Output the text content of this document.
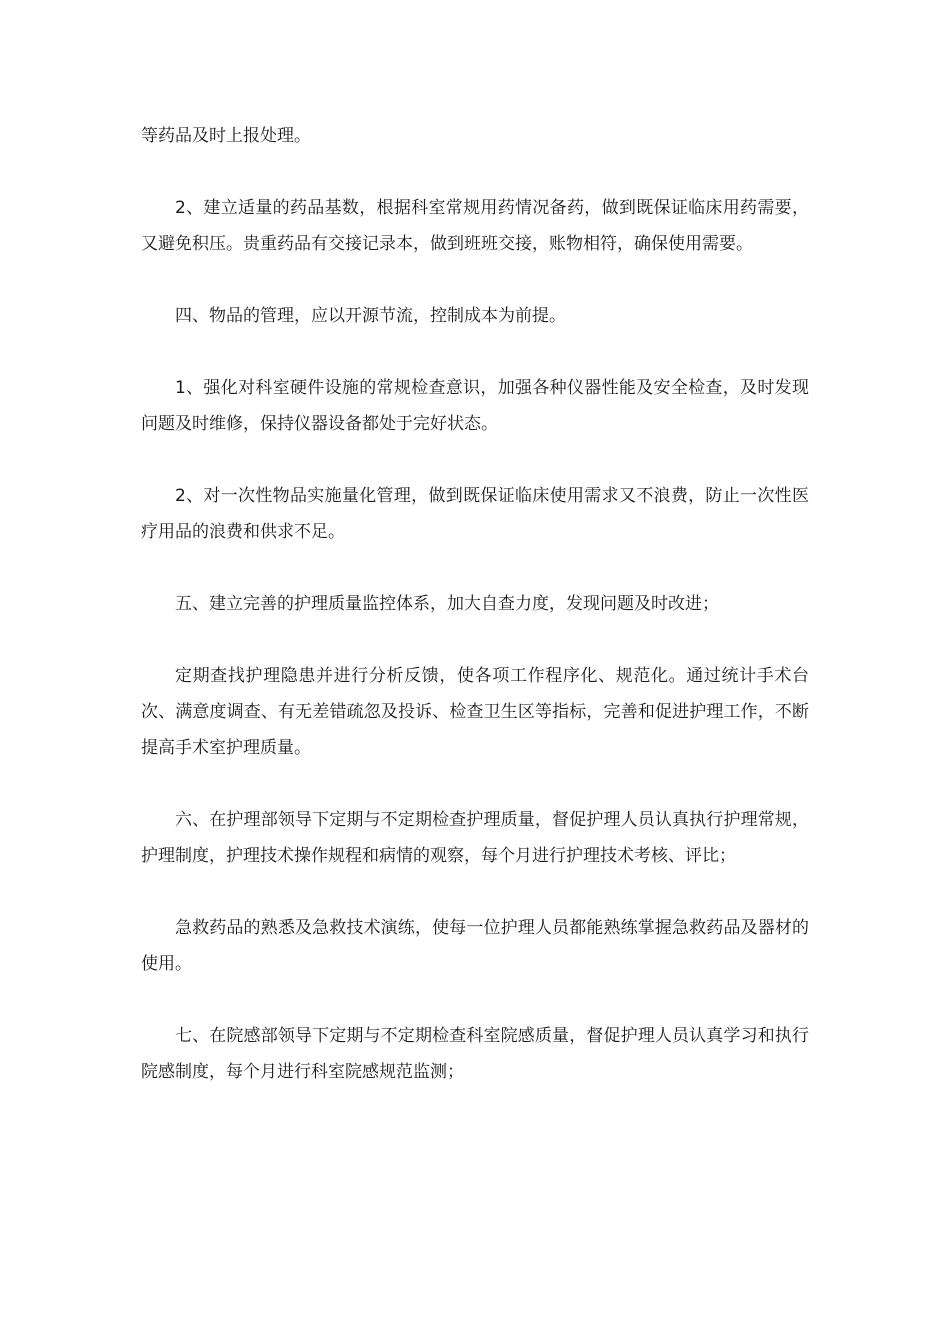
等药品及时上报处理。

2、建立适量的药品基数，根据科室常规用药情况备药，做到既保证临床用药需要，又避免积压。贵重药品有交接记录本，做到班班交接，账物相符，确保使用需要。

四、物品的管理，应以开源节流，控制成本为前提。

1、强化对科室硬件设施的常规检查意识，加强各种仪器性能及安全检查，及时发现问题及时维修，保持仪器设备都处于完好状态。

2、对一次性物品实施量化管理，做到既保证临床使用需求又不浪费，防止一次性医疗用品的浪费和供求不足。

五、建立完善的护理质量监控体系，加大自查力度，发现问题及时改进；

定期查找护理隐患并进行分析反馈，使各项工作程序化、规范化。通过统计手术台次、满意度调查、有无差错疏忽及投诉、检查卫生区等指标，完善和促进护理工作，不断提高手术室护理质量。

六、在护理部领导下定期与不定期检查护理质量，督促护理人员认真执行护理常规，护理制度，护理技术操作规程和病情的观察，每个月进行护理技术考核、评比；

急救药品的熟悉及急救技术演练，使每一位护理人员都能熟练掌握急救药品及器材的使用。

七、在院感部领导下定期与不定期检查科室院感质量，督促护理人员认真学习和执行院感制度，每个月进行科室院感规范监测；
